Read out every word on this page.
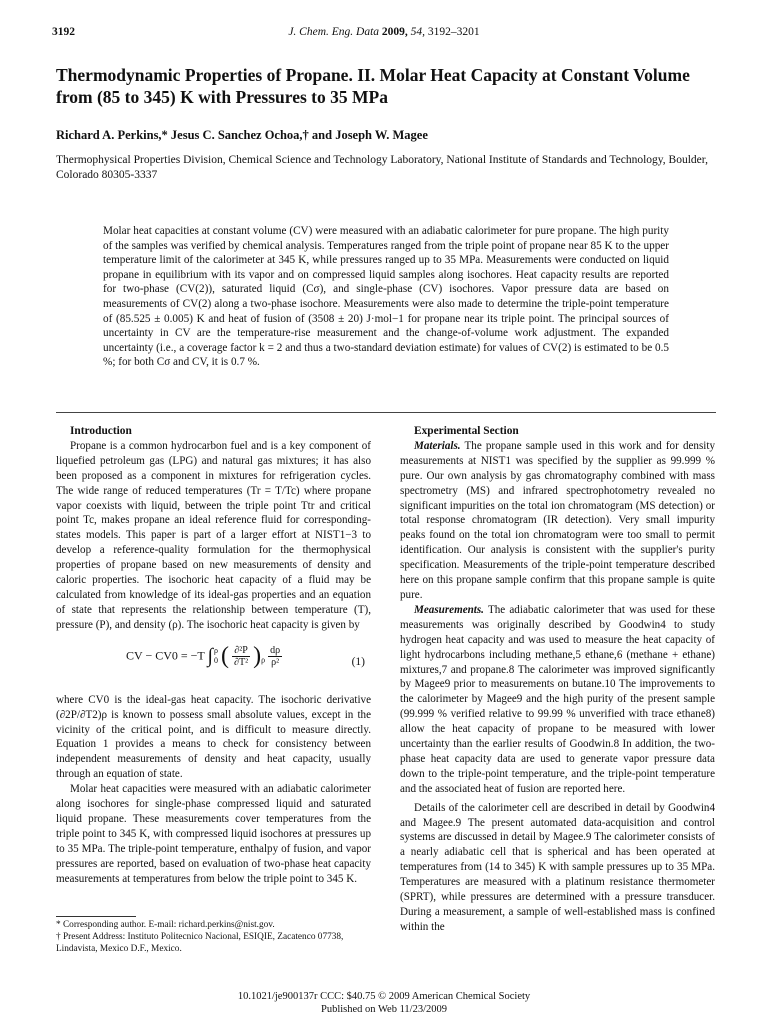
3192	J. Chem. Eng. Data 2009, 54, 3192–3201
Thermodynamic Properties of Propane. II. Molar Heat Capacity at Constant Volume from (85 to 345) K with Pressures to 35 MPa
Richard A. Perkins,* Jesus C. Sanchez Ochoa,† and Joseph W. Magee
Thermophysical Properties Division, Chemical Science and Technology Laboratory, National Institute of Standards and Technology, Boulder, Colorado 80305-3337
Molar heat capacities at constant volume (CV) were measured with an adiabatic calorimeter for pure propane. The high purity of the samples was verified by chemical analysis. Temperatures ranged from the triple point of propane near 85 K to the upper temperature limit of the calorimeter at 345 K, while pressures ranged up to 35 MPa. Measurements were conducted on liquid propane in equilibrium with its vapor and on compressed liquid samples along isochores. Heat capacity results are reported for two-phase (CV(2)), saturated liquid (Cσ), and single-phase (CV) isochores. Vapor pressure data are based on measurements of CV(2) along a two-phase isochore. Measurements were also made to determine the triple-point temperature of (85.525 ± 0.005) K and heat of fusion of (3508 ± 20) J·mol−1 for propane near its triple point. The principal sources of uncertainty in CV are the temperature-rise measurement and the change-of-volume work adjustment. The expanded uncertainty (i.e., a coverage factor k = 2 and thus a two-standard deviation estimate) for values of CV(2) is estimated to be 0.5 %; for both Cσ and CV, it is 0.7 %.

Introduction

Propane is a common hydrocarbon fuel and is a key component of liquefied petroleum gas (LPG) and natural gas mixtures; it has also been proposed as a component in mixtures for refrigeration cycles. The wide range of reduced temperatures (Tr = T/Tc) where propane vapor coexists with liquid, between the triple point Ttr and critical point Tc, makes propane an ideal reference fluid for corresponding-states models. This paper is part of a larger effort at NIST1−3 to develop a reference-quality formulation for the thermophysical properties of propane based on new measurements of density and caloric properties. The isochoric heat capacity of a fluid may be calculated from knowledge of its ideal-gas properties and an equation of state that represents the relationship between temperature (T), pressure (P), and density (ρ). The isochoric heat capacity is given by

CV − CV0 = −T ∫ ρ
0 ( $\frac{\text{∂²P}}{\text{∂T²}} )_\rho \frac{d\rho}{\text{ρ²}}$	(1)

where CV0 is the ideal-gas heat capacity. The isochoric derivative (∂2P/∂T2)ρ is known to possess small absolute values, except in the vicinity of the critical point, and is difficult to measure directly. Equation 1 provides a means to check for consistency between independent measurements of density and heat capacity, usually through an equation of state.

Molar heat capacities were measured with an adiabatic calorimeter along isochores for single-phase compressed liquid and saturated liquid propane. These measurements cover temperatures from the triple point to 345 K, with compressed liquid isochores at pressures up to 35 MPa. The triple-point temperature, enthalpy of fusion, and vapor pressures are reported, based on evaluation of two-phase heat capacity measurements at temperatures from below the triple point to 345 K.

* Corresponding author. E-mail: richard.perkins@nist.gov.
† Present Address: Instituto Politecnico Nacional, ESIQIE, Zacatenco 07738, Lindavista, Mexico D.F., Mexico.

Experimental Section

Materials. The propane sample used in this work and for density measurements at NIST1 was specified by the supplier as 99.999 % pure. Our own analysis by gas chromatography combined with mass spectrometry (MS) and infrared spectrophotometry revealed no significant impurities on the total ion chromatogram (MS detection) or total response chromatogram (IR detection). Very small impurity peaks found on the total ion chromatogram were too small to permit identification. Our analysis is consistent with the supplier's purity specification. Measurements of the triple-point temperature described here on this propane sample confirm that this propane sample is quite pure.

Measurements. The adiabatic calorimeter that was used for these measurements was originally described by Goodwin4 to study hydrogen heat capacity and was used to measure the heat capacity of light hydrocarbons including methane,5 ethane,6 (methane + ethane) mixtures,7 and propane.8 The calorimeter was improved significantly by Magee9 prior to measurements on butane.10 The improvements to the calorimeter by Magee9 and the high purity of the present sample (99.999 % verified relative to 99.99 % unverified with trace ethane8) allow the heat capacity of propane to be measured with lower uncertainty than the earlier results of Goodwin.8 In addition, the two-phase heat capacity data are used to generate vapor pressure data down to the triple-point temperature, and the triple-point temperature and the associated heat of fusion are reported here.

Details of the calorimeter cell are described in detail by Goodwin4 and Magee.9 The present automated data-acquisition and control systems are discussed in detail by Magee.9 The calorimeter consists of a nearly adiabatic cell that is spherical and has been operated at temperatures from (14 to 345) K with sample pressures up to 35 MPa. Temperatures are measured with a platinum resistance thermometer (SPRT), while pressures are determined with a pressure transducer. During a measurement, a sample of well-established mass is confined within the

10.1021/je900137r CCC: $40.75 © 2009 American Chemical Society
Published on Web 11/23/2009
